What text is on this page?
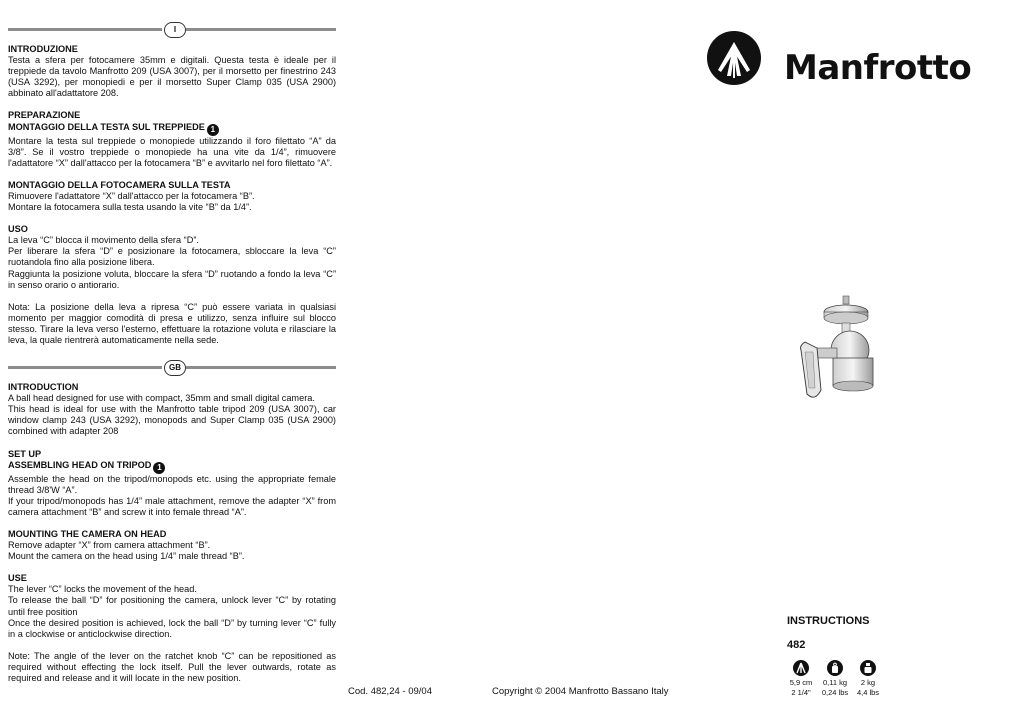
I
INTRODUZIONE
Testa a sfera per fotocamere 35mm e digitali. Questa testa è ideale per il treppiede da tavolo Manfrotto 209 (USA 3007), per il morsetto per finestrino 243 (USA 3292), per monopiedi e per il morsetto Super Clamp 035 (USA 2900) abbinato all'adattatore 208.
PREPARAZIONE
MONTAGGIO DELLA TESTA SUL TREPPIEDE 1
Montare la testa sul treppiede o monopiede utilizzando il foro filettato “A” da 3/8”. Se il vostro treppiede o monopiede ha una vite da 1/4”, rimuovere l'adattatore “X” dall'attacco per la fotocamera “B” e avvitarlo nel foro filettato “A”.
MONTAGGIO DELLA FOTOCAMERA SULLA TESTA
Rimuovere l'adattatore “X” dall'attacco per la fotocamera “B”.
Montare la fotocamera sulla testa usando la vite “B” da 1/4”.
USO
La leva “C” blocca il movimento della sfera “D”.
Per liberare la sfera “D” e posizionare la fotocamera, sbloccare la leva “C” ruotandola fino alla posizione libera.
Raggiunta la posizione voluta, bloccare la sfera “D” ruotando a fondo la leva “C” in senso orario o antiorario.
Nota: La posizione della leva a ripresa “C” può essere variata in qualsiasi momento per maggior comodità di presa e utilizzo, senza influire sul blocco stesso. Tirare la leva verso l'esterno, effettuare la rotazione voluta e rilasciare la leva, la quale rientrerà automaticamente nella sede.
GB
INTRODUCTION
A ball head designed for use with compact, 35mm and small digital camera.
This head is ideal for use with the Manfrotto table tripod 209 (USA 3007), car window clamp 243 (USA 3292), monopods and Super Clamp 035 (USA 2900) combined with adapter 208
SET UP
ASSEMBLING HEAD ON TRIPOD 1
Assemble the head on the tripod/monopods etc. using the appropriate female thread 3/8'W “A”.
If your tripod/monopods has 1/4” male attachment, remove the adapter “X” from camera attachment “B” and screw it into female thread “A”.
MOUNTING THE CAMERA ON HEAD
Remove adapter “X” from camera attachment “B”.
Mount the camera on the head using 1/4” male thread “B”.
USE
The lever “C” locks the movement of the head.
To release the ball “D” for positioning the camera, unlock lever “C” by rotating until free position
Once the desired position is achieved, lock the ball “D” by turning lever “C” fully in a clockwise or anticlockwise direction.
Note: The angle of the lever on the ratchet knob “C” can be repositioned as required without effecting the lock itself. Pull the lever outwards, rotate as required and release and it will locate in the new position.
Manfrotto
Cod. 482,24 - 09/04	Copyright © 2004 Manfrotto Bassano Italy
INSTRUCTIONS
482
5,9 cm
2 1/4"
0,11 kg
0,24 lbs
2 kg
4,4 lbs
